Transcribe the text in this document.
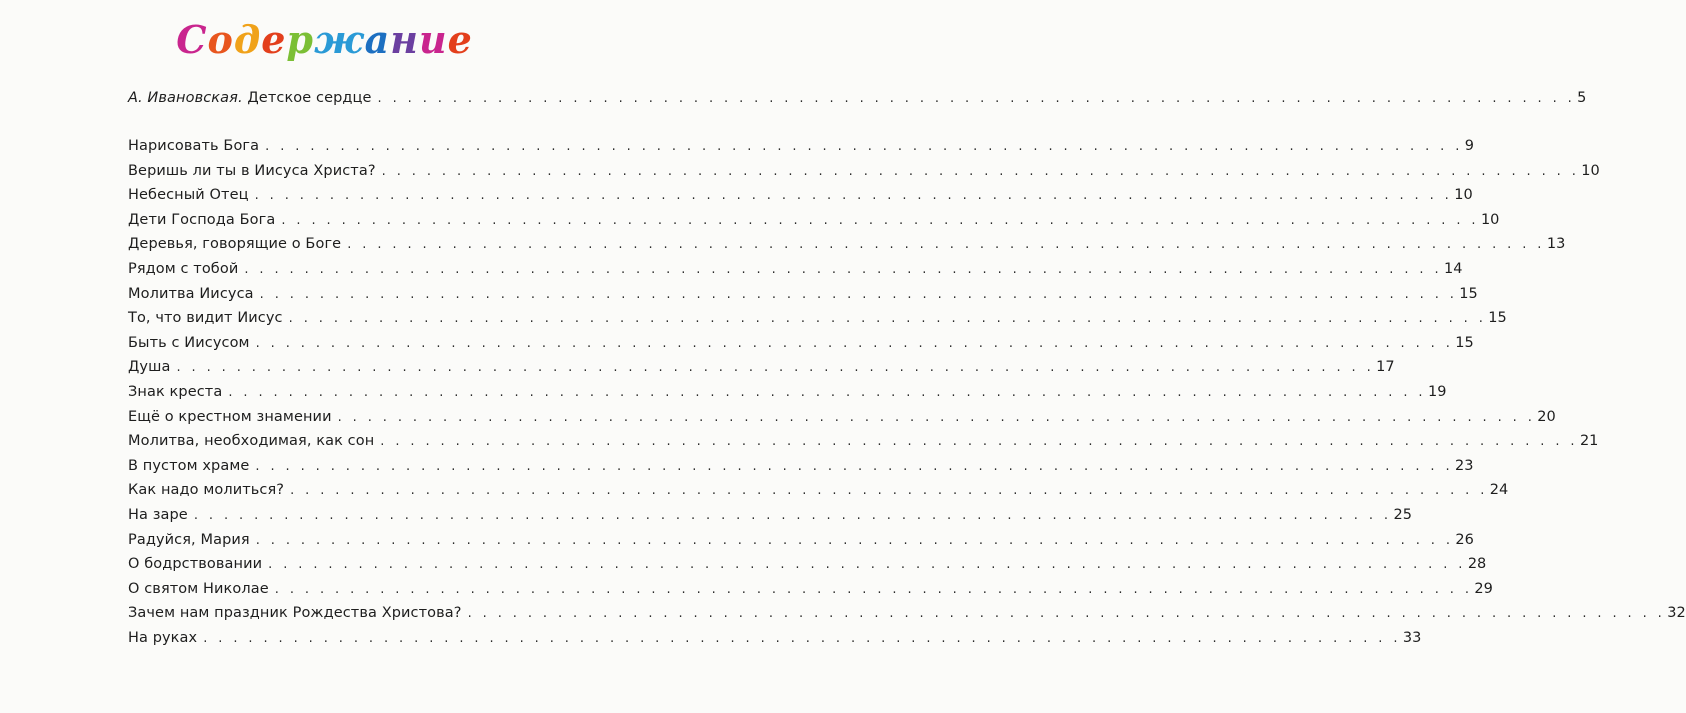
Содержание
А. Ивановская. Детское сердце . . . . . . . . . . . . . . . . . . . . . . . . . . . . . . . . . . . . . . . . . . . . . . . . . . . . . . . . . . . . . . . . . . . . . . . . . . . . . . . . 5
Нарисовать Бога . . . . . . . . . . . . . . . . . . . . . . . . . . . . . . . . . . . . . . . . . . . . . . . . . . . . . . . . . . . . . . . . . . . . . . . . . . . . . . . . 9
Веришь ли ты в Иисуса Христа? . . . . . . . . . . . . . . . . . . . . . . . . . . . . . . . . . . . . . . . . . . . . . . . . . . . . . . . . . . . . . . . . . . . . . . . . . . . . . . . . 10
Небесный Отец . . . . . . . . . . . . . . . . . . . . . . . . . . . . . . . . . . . . . . . . . . . . . . . . . . . . . . . . . . . . . . . . . . . . . . . . . . . . . . . . 10
Дети Господа Бога . . . . . . . . . . . . . . . . . . . . . . . . . . . . . . . . . . . . . . . . . . . . . . . . . . . . . . . . . . . . . . . . . . . . . . . . . . . . . . . . 10
Деревья, говорящие о Боге . . . . . . . . . . . . . . . . . . . . . . . . . . . . . . . . . . . . . . . . . . . . . . . . . . . . . . . . . . . . . . . . . . . . . . . . . . . . . . . . 13
Рядом с тобой . . . . . . . . . . . . . . . . . . . . . . . . . . . . . . . . . . . . . . . . . . . . . . . . . . . . . . . . . . . . . . . . . . . . . . . . . . . . . . . . 14
Молитва Иисуса . . . . . . . . . . . . . . . . . . . . . . . . . . . . . . . . . . . . . . . . . . . . . . . . . . . . . . . . . . . . . . . . . . . . . . . . . . . . . . . . 15
То, что видит Иисус . . . . . . . . . . . . . . . . . . . . . . . . . . . . . . . . . . . . . . . . . . . . . . . . . . . . . . . . . . . . . . . . . . . . . . . . . . . . . . . . 15
Быть с Иисусом . . . . . . . . . . . . . . . . . . . . . . . . . . . . . . . . . . . . . . . . . . . . . . . . . . . . . . . . . . . . . . . . . . . . . . . . . . . . . . . . 15
Душа . . . . . . . . . . . . . . . . . . . . . . . . . . . . . . . . . . . . . . . . . . . . . . . . . . . . . . . . . . . . . . . . . . . . . . . . . . . . . . . . 17
Знак креста . . . . . . . . . . . . . . . . . . . . . . . . . . . . . . . . . . . . . . . . . . . . . . . . . . . . . . . . . . . . . . . . . . . . . . . . . . . . . . . . 19
Ещё о крестном знамении . . . . . . . . . . . . . . . . . . . . . . . . . . . . . . . . . . . . . . . . . . . . . . . . . . . . . . . . . . . . . . . . . . . . . . . . . . . . . . . . 20
Молитва, необходимая, как сон . . . . . . . . . . . . . . . . . . . . . . . . . . . . . . . . . . . . . . . . . . . . . . . . . . . . . . . . . . . . . . . . . . . . . . . . . . . . . . . . 21
В пустом храме . . . . . . . . . . . . . . . . . . . . . . . . . . . . . . . . . . . . . . . . . . . . . . . . . . . . . . . . . . . . . . . . . . . . . . . . . . . . . . . . 23
Как надо молиться? . . . . . . . . . . . . . . . . . . . . . . . . . . . . . . . . . . . . . . . . . . . . . . . . . . . . . . . . . . . . . . . . . . . . . . . . . . . . . . . . 24
На заре . . . . . . . . . . . . . . . . . . . . . . . . . . . . . . . . . . . . . . . . . . . . . . . . . . . . . . . . . . . . . . . . . . . . . . . . . . . . . . . . 25
Радуйся, Мария . . . . . . . . . . . . . . . . . . . . . . . . . . . . . . . . . . . . . . . . . . . . . . . . . . . . . . . . . . . . . . . . . . . . . . . . . . . . . . . . 26
О бодрствовании . . . . . . . . . . . . . . . . . . . . . . . . . . . . . . . . . . . . . . . . . . . . . . . . . . . . . . . . . . . . . . . . . . . . . . . . . . . . . . . . 28
О святом Николае . . . . . . . . . . . . . . . . . . . . . . . . . . . . . . . . . . . . . . . . . . . . . . . . . . . . . . . . . . . . . . . . . . . . . . . . . . . . . . . . 29
Зачем нам праздник Рождества Христова? . . . . . . . . . . . . . . . . . . . . . . . . . . . . . . . . . . . . . . . . . . . . . . . . . . . . . . . . . . . . . . . . . . . . . . . . . . . . . . . . 32
На руках . . . . . . . . . . . . . . . . . . . . . . . . . . . . . . . . . . . . . . . . . . . . . . . . . . . . . . . . . . . . . . . . . . . . . . . . . . . . . . . . 33
